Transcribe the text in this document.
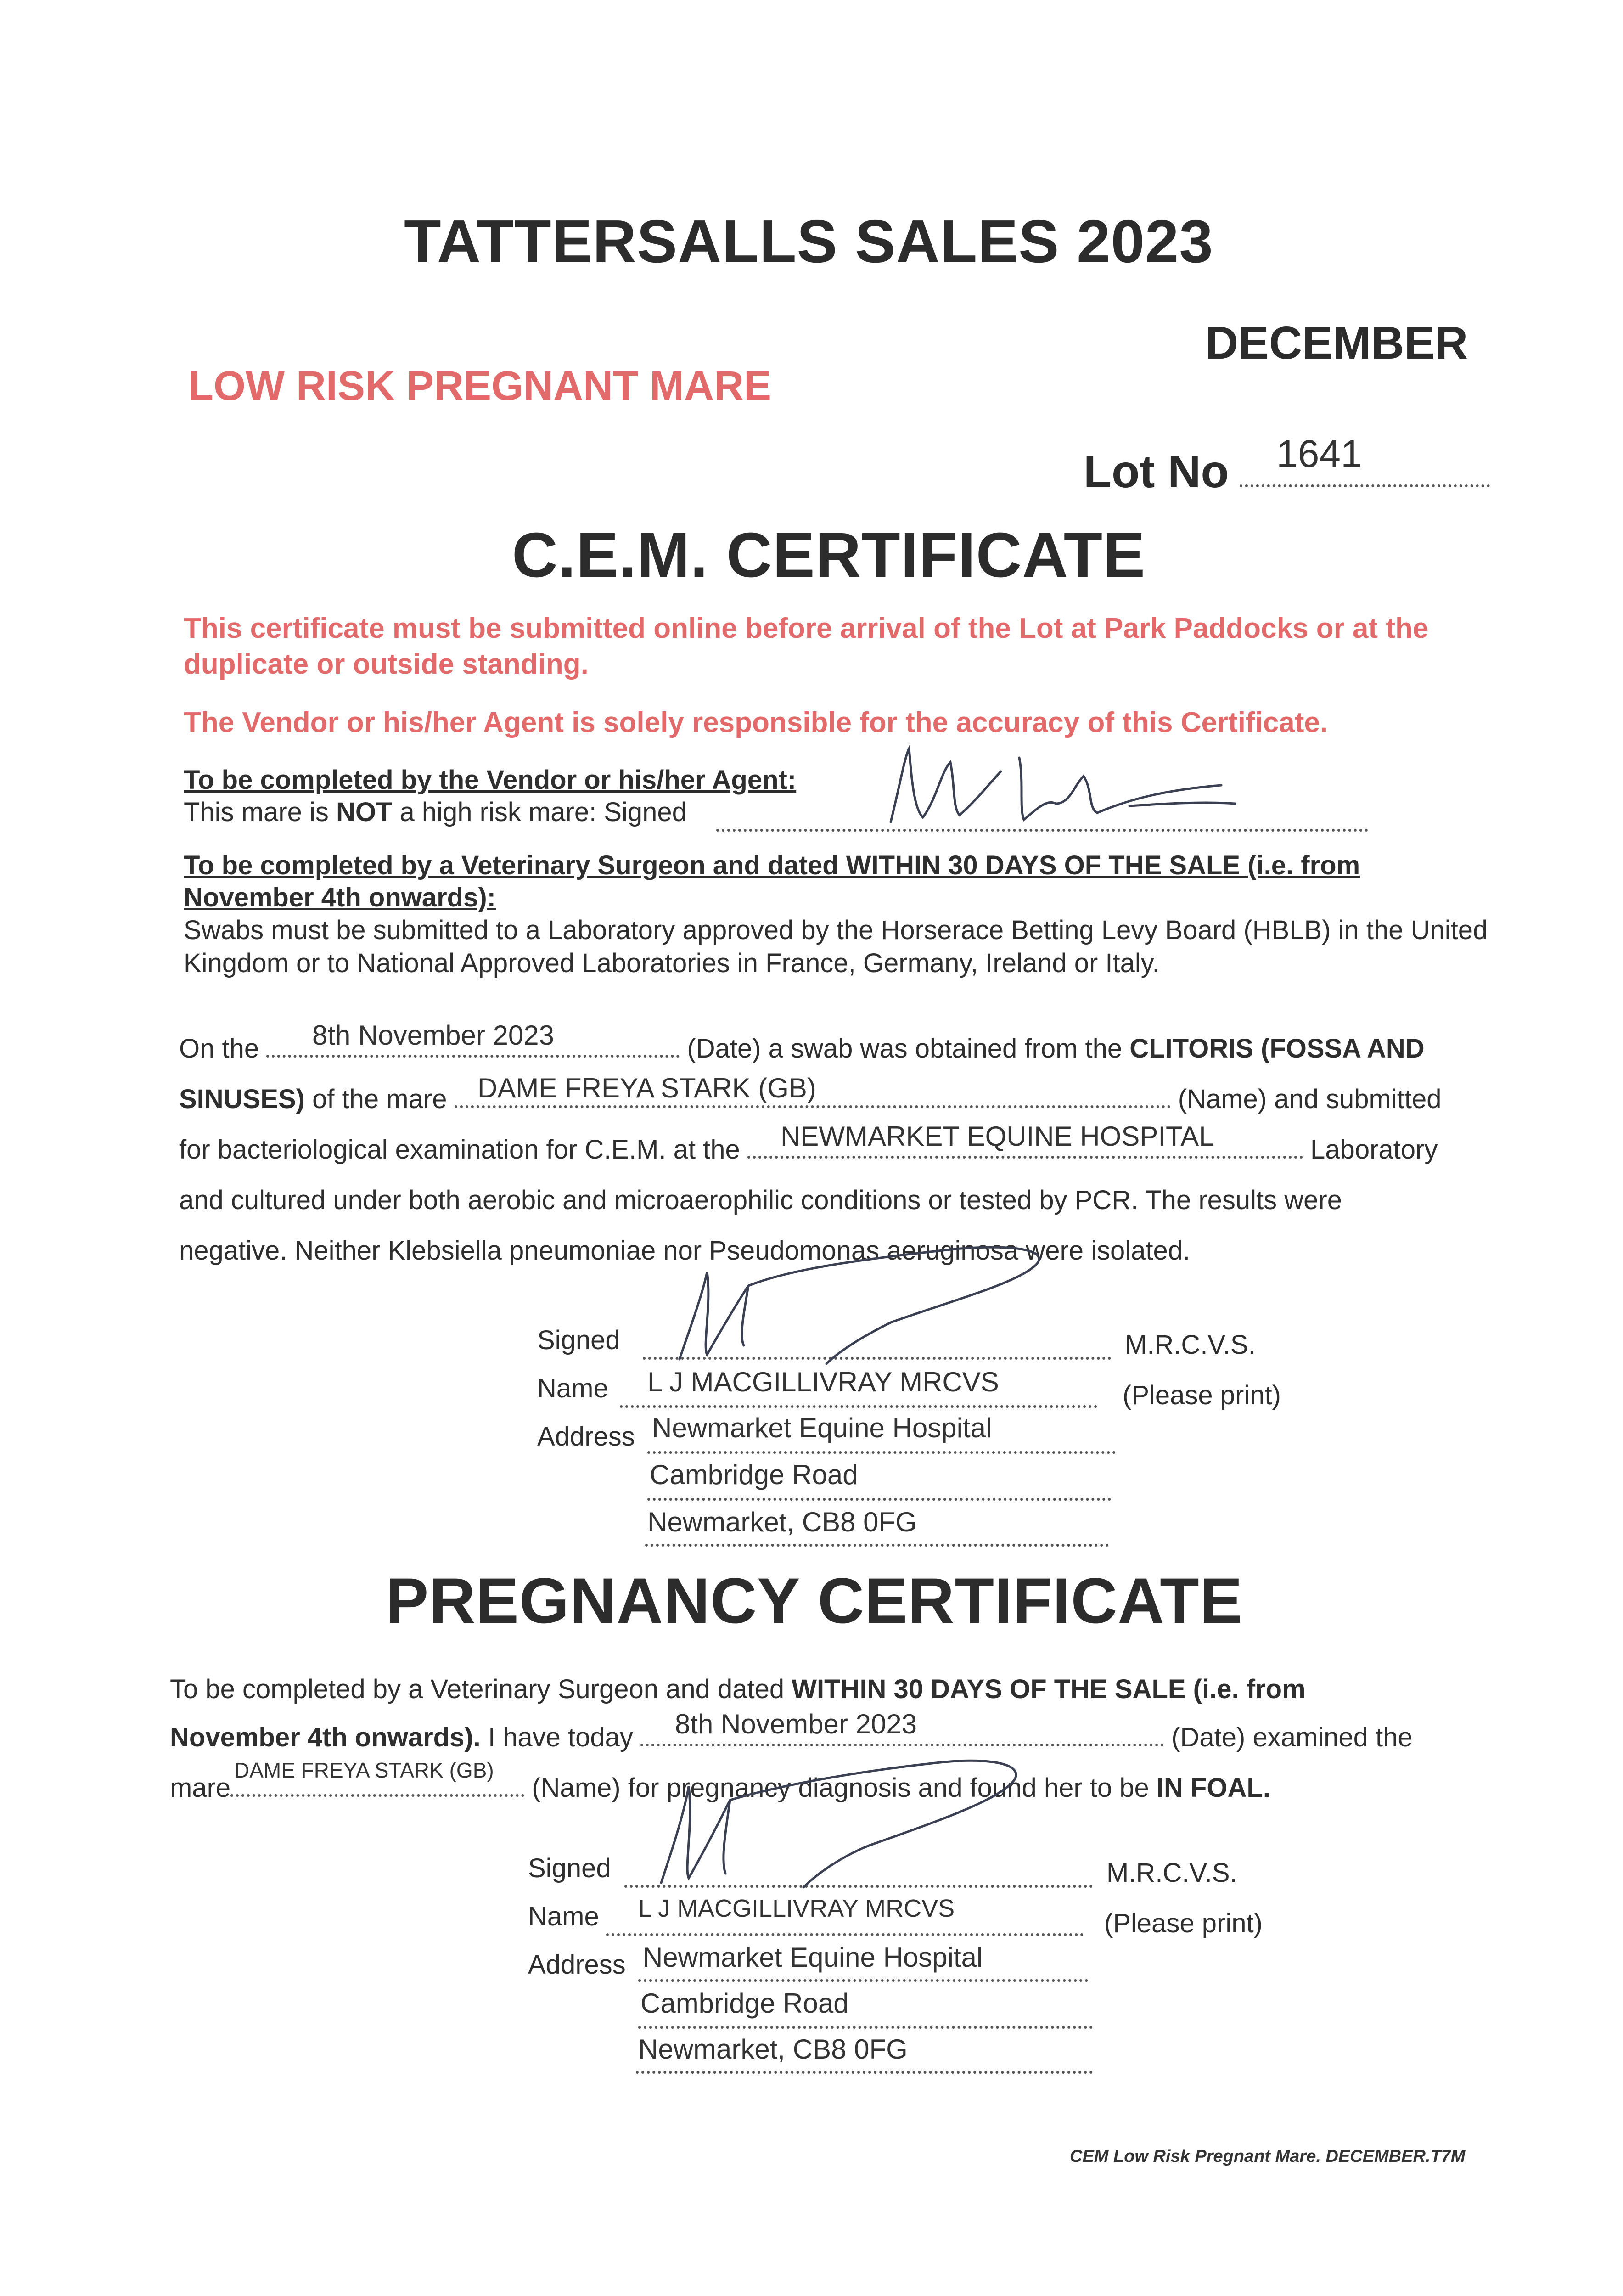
TATTERSALLS SALES 2023
DECEMBER
LOW RISK PREGNANT MARE
Lot No 1641
C.E.M. CERTIFICATE
This certificate must be submitted online before arrival of the Lot at Park Paddocks or at the duplicate or outside standing.
The Vendor or his/her Agent is solely responsible for the accuracy of this Certificate.
To be completed by the Vendor or his/her Agent:
This mare is NOT a high risk mare: Signed
To be completed by a Veterinary Surgeon and dated WITHIN 30 DAYS OF THE SALE (i.e. from November 4th onwards):
Swabs must be submitted to a Laboratory approved by the Horserace Betting Levy Board (HBLB) in the United Kingdom or to National Approved Laboratories in France, Germany, Ireland or Italy.
On the	(Date) a swab was obtained from the CLITORIS (FOSSA AND
8th November 2023
SINUSES) of the mare	(Name) and submitted
DAME FREYA STARK (GB)
for bacteriological examination for C.E.M. at the	Laboratory
NEWMARKET EQUINE HOSPITAL
and cultured under both aerobic and microaerophilic conditions or tested by PCR. The results were
negative. Neither Klebsiella pneumoniae nor Pseudomonas aeruginosa were isolated.
Signed	M.R.C.V.S.
Name L J MACGILLIVRAY MRCVS	(Please print)
Address Newmarket Equine Hospital
Cambridge Road
Newmarket, CB8 0FG
PREGNANCY CERTIFICATE
To be completed by a Veterinary Surgeon and dated WITHIN 30 DAYS OF THE SALE (i.e. from
November 4th onwards). I have today	(Date) examined the
8th November 2023
mare	(Name) for pregnancy diagnosis and found her to be IN FOAL.
DAME FREYA STARK (GB)
Signed	M.R.C.V.S.
Name L J MACGILLIVRAY MRCVS	(Please print)
Address Newmarket Equine Hospital
Cambridge Road
Newmarket, CB8 0FG
CEM Low Risk Pregnant Mare. DECEMBER.T7M
